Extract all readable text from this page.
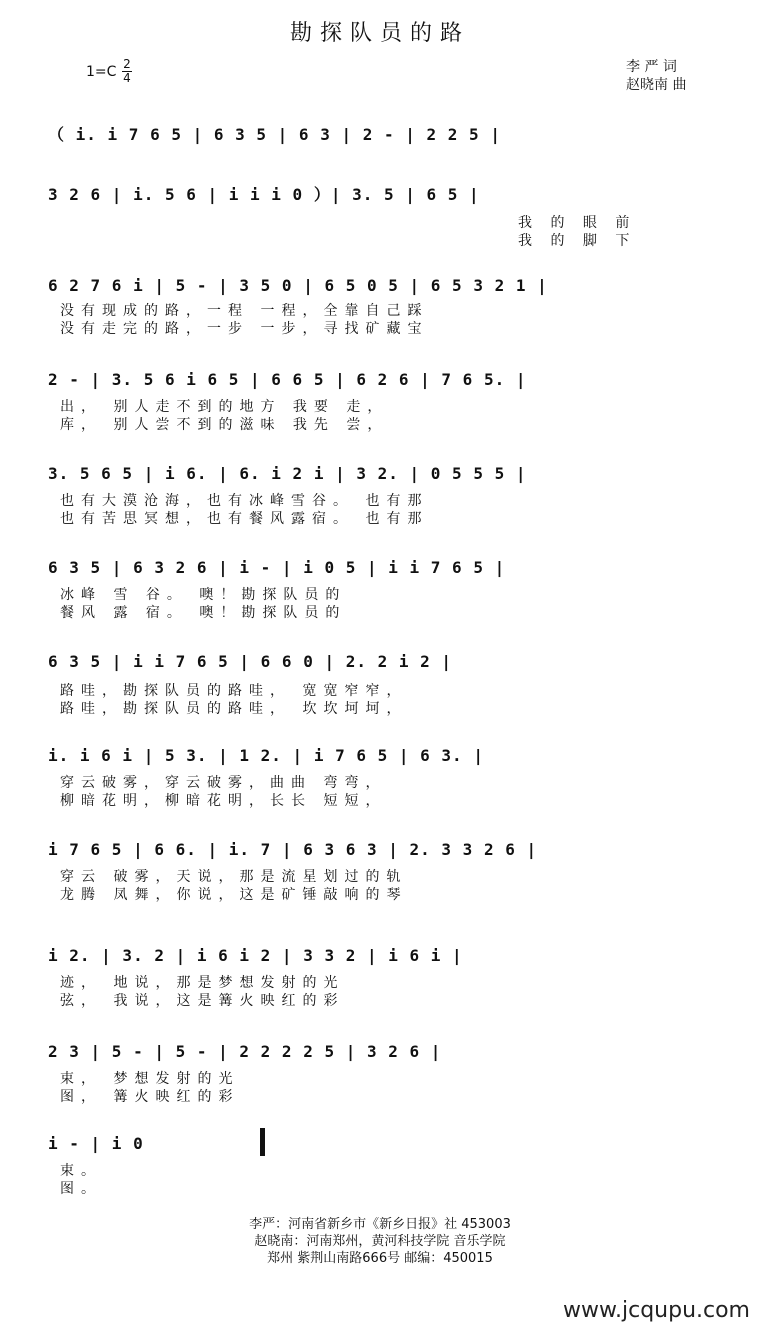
勘探队员的路
1=C 2
4
李 严 词
赵晓南 曲
（ i. i 7 6 5 | 6 3 5 | 6 3 | 2 - | 2 2 5 |
3 2 6 | i. 5 6 | i i i 0 ）| 3. 5 | 6 5 |
我 的 眼 前
我 的 脚 下
6 2 7 6 i | 5 - | 3 5 0 | 6 5 0 5 | 6 5 3 2 1 |
没有现成的路，一程 一程，全靠自己踩
没有走完的路，一步 一步，寻找矿藏宝
2 - | 3. 5 6 i 6 5 | 6 6 5 | 6 2 6 | 7 6 5. |
出， 别人走不到的地方 我要 走，
库， 别人尝不到的滋味 我先 尝，
3. 5 6 5 | i 6. | 6. i 2 i | 3 2. | 0 5 5 5 |
也有大漠沧海，也有冰峰雪谷。 也有那
也有苦思冥想，也有餐风露宿。 也有那
6 3 5 | 6 3 2 6 | i - | i 0 5 | i i 7 6 5 |
冰峰 雪 谷。 噢！勘探队员的
餐风 露 宿。 噢！勘探队员的
6 3 5 | i i 7 6 5 | 6 6 0 | 2. 2 i 2 |
路哇，勘探队员的路哇， 宽宽窄窄，
路哇，勘探队员的路哇， 坎坎坷坷，
i. i 6 i | 5 3. | 1 2. | i 7 6 5 | 6 3. |
穿云破雾，穿云破雾，曲曲 弯弯，
柳暗花明，柳暗花明，长长 短短，
i 7 6 5 | 6 6. | i. 7 | 6 3 6 3 | 2. 3 3 2 6 |
穿云 破雾，天说，那是流星划过的轨
龙腾 凤舞，你说，这是矿锤敲响的琴
i 2. | 3. 2 | i 6 i 2 | 3 3 2 | i 6 i |
迹， 地说，那是梦想发射的光
弦， 我说，这是篝火映红的彩
2 3 | 5 - | 5 - | 2 2 2 2 5 | 3 2 6 |
束， 梦想发射的光
图， 篝火映红的彩
i - | i 0
束。
图。
李严：河南省新乡市《新乡日报》社 453003
赵晓南：河南郑州，黄河科技学院 音乐学院
郑州 紫荆山南路666号 邮编：450015
www.jcqupu.com
